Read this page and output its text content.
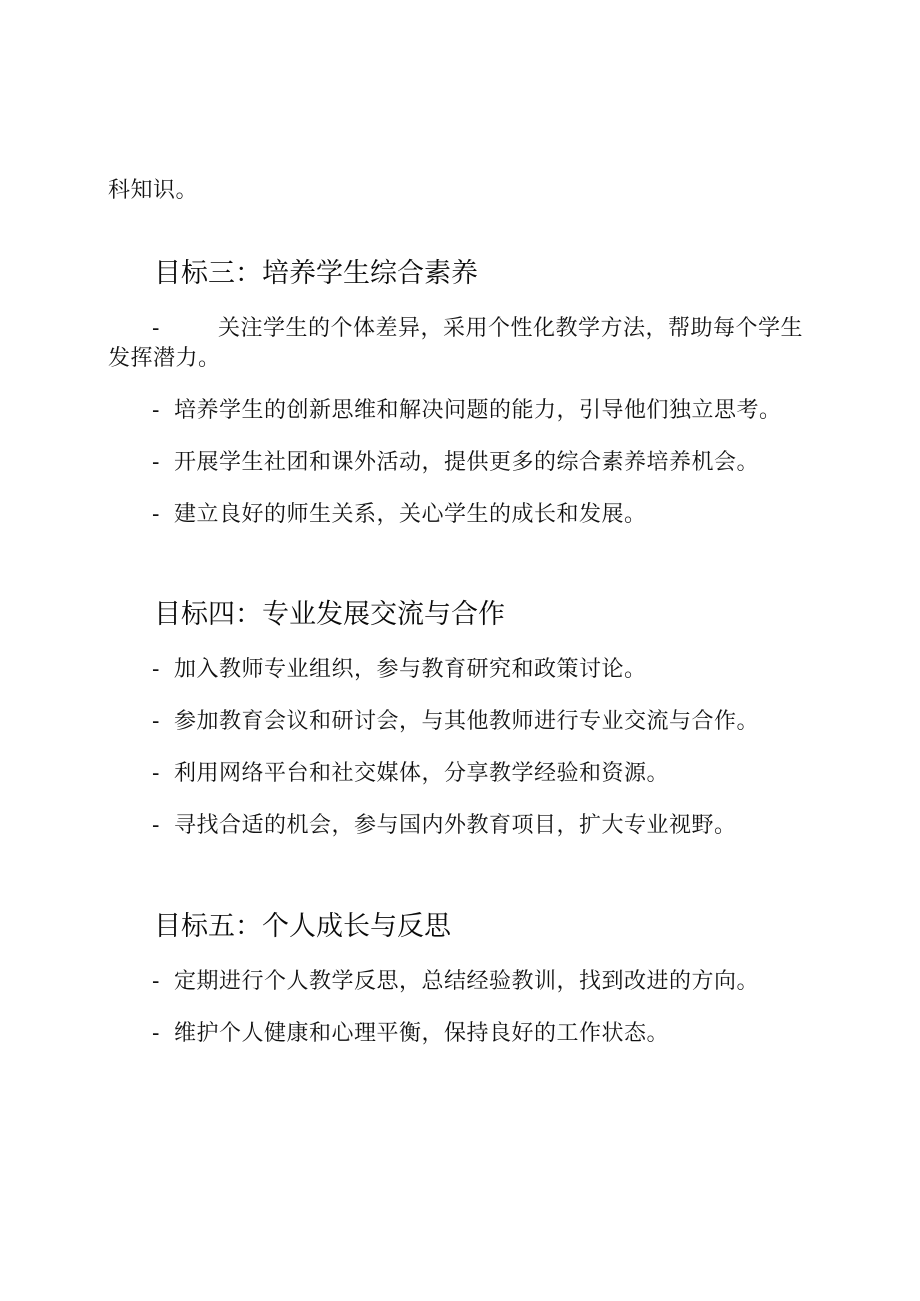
科知识。
目标三：培养学生综合素养
-	关注学生的个体差异，采用个性化教学方法，帮助每个学生
发挥潜力。
- 培养学生的创新思维和解决问题的能力，引导他们独立思考。
- 开展学生社团和课外活动，提供更多的综合素养培养机会。
- 建立良好的师生关系，关心学生的成长和发展。
目标四：专业发展交流与合作
- 加入教师专业组织，参与教育研究和政策讨论。
- 参加教育会议和研讨会，与其他教师进行专业交流与合作。
- 利用网络平台和社交媒体，分享教学经验和资源。
- 寻找合适的机会，参与国内外教育项目，扩大专业视野。
目标五：个人成长与反思
- 定期进行个人教学反思，总结经验教训，找到改进的方向。
- 维护个人健康和心理平衡，保持良好的工作状态。
